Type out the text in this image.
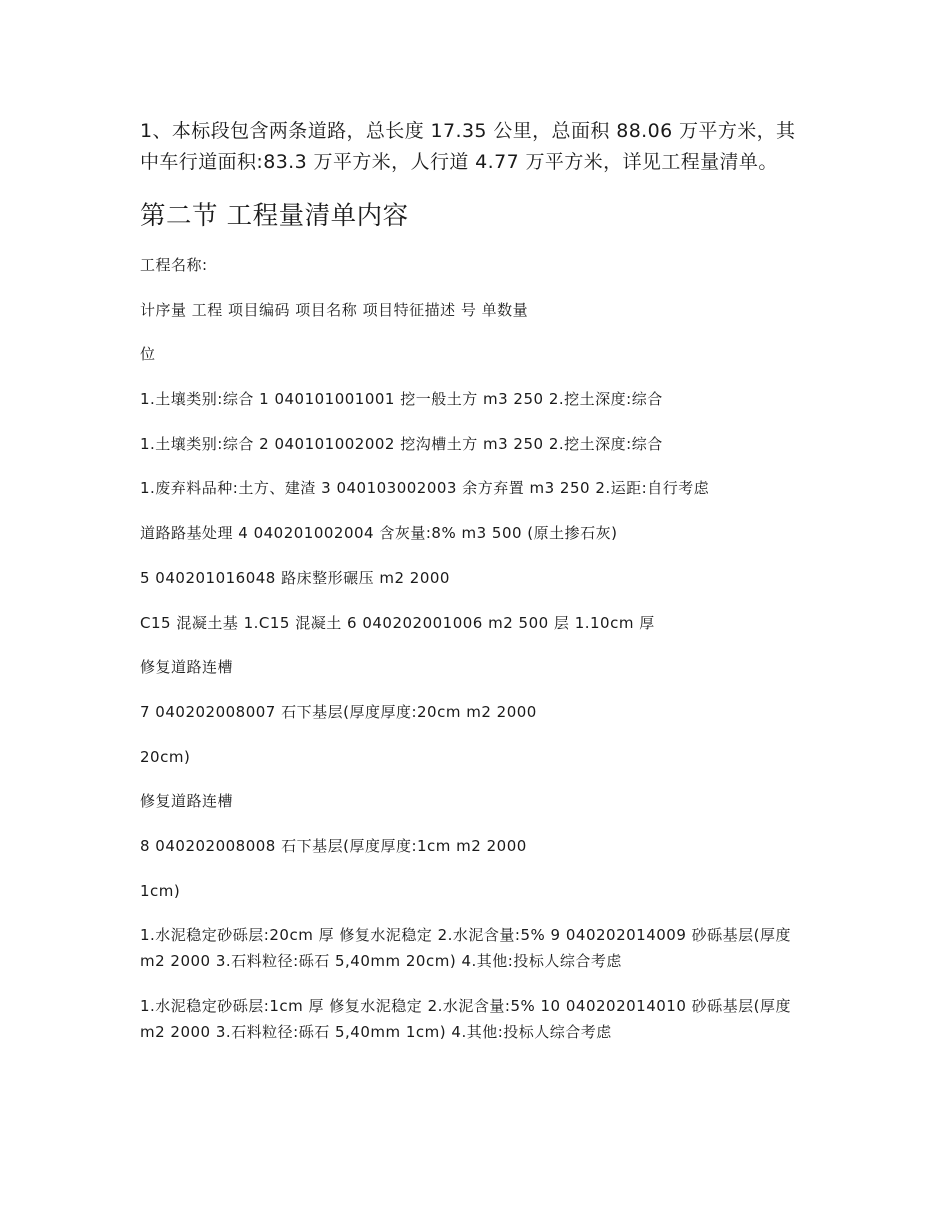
1、本标段包含两条道路，总长度 17.35 公里，总面积 88.06 万平方米，其中车行道面积:83.3 万平方米，人行道 4.77 万平方米，详见工程量清单。

第二节 工程量清单内容

工程名称:

计序量 工程 项目编码 项目名称 项目特征描述 号 单数量

位

1.土壤类别:综合 1 040101001001 挖一般土方 m3 250 2.挖土深度:综合

1.土壤类别:综合 2 040101002002 挖沟槽土方 m3 250 2.挖土深度:综合

1.废弃料品种:土方、建渣 3 040103002003 余方弃置 m3 250 2.运距:自行考虑

道路路基处理 4 040201002004 含灰量:8% m3 500 (原土掺石灰)

5 040201016048 路床整形碾压 m2 2000

C15 混凝土基 1.C15 混凝土 6 040202001006 m2 500 层 1.10cm 厚

修复道路连槽

7 040202008007 石下基层(厚度厚度:20cm m2 2000

20cm)

修复道路连槽

8 040202008008 石下基层(厚度厚度:1cm m2 2000

1cm)

1.水泥稳定砂砾层:20cm 厚 修复水泥稳定 2.水泥含量:5% 9 040202014009 砂砾基层(厚度 m2 2000 3.石料粒径:砾石 5,40mm 20cm) 4.其他:投标人综合考虑

1.水泥稳定砂砾层:1cm 厚 修复水泥稳定 2.水泥含量:5% 10 040202014010 砂砾基层(厚度 m2 2000 3.石料粒径:砾石 5,40mm 1cm) 4.其他:投标人综合考虑
